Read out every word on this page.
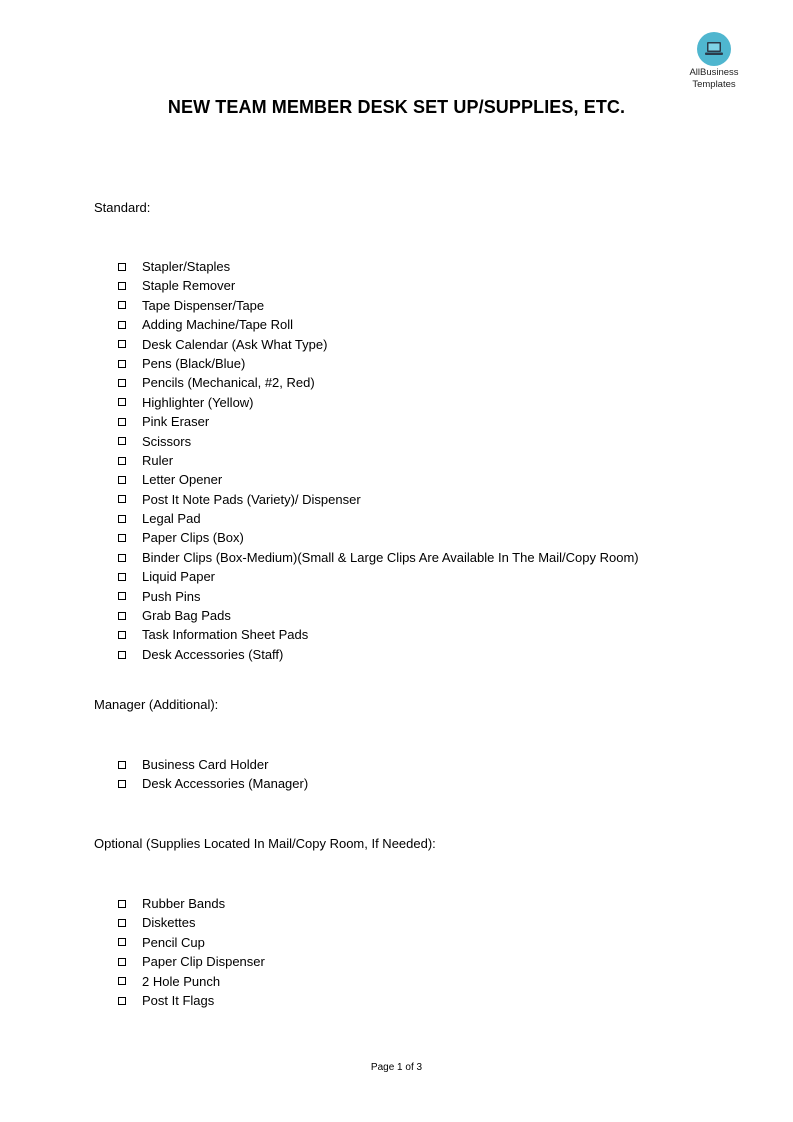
AllBusiness
Templates
NEW TEAM MEMBER DESK SET UP/SUPPLIES, ETC.

Standard:

Stapler/Staples
Staple Remover
Tape Dispenser/Tape
Adding Machine/Tape Roll
Desk Calendar (Ask What Type)
Pens (Black/Blue)
Pencils (Mechanical, #2, Red)
Highlighter (Yellow)
Pink Eraser
Scissors
Ruler
Letter Opener
Post It Note Pads (Variety)/ Dispenser
Legal Pad
Paper Clips (Box)
Binder Clips (Box-Medium)(Small & Large Clips Are Available In The Mail/Copy Room)
Liquid Paper
Push Pins
Grab Bag Pads
Task Information Sheet Pads
Desk Accessories (Staff)

Manager (Additional):

Business Card Holder
Desk Accessories (Manager)

Optional (Supplies Located In Mail/Copy Room, If Needed):

Rubber Bands
Diskettes
Pencil Cup
Paper Clip Dispenser
2 Hole Punch
Post It Flags
Page 1 of 3
